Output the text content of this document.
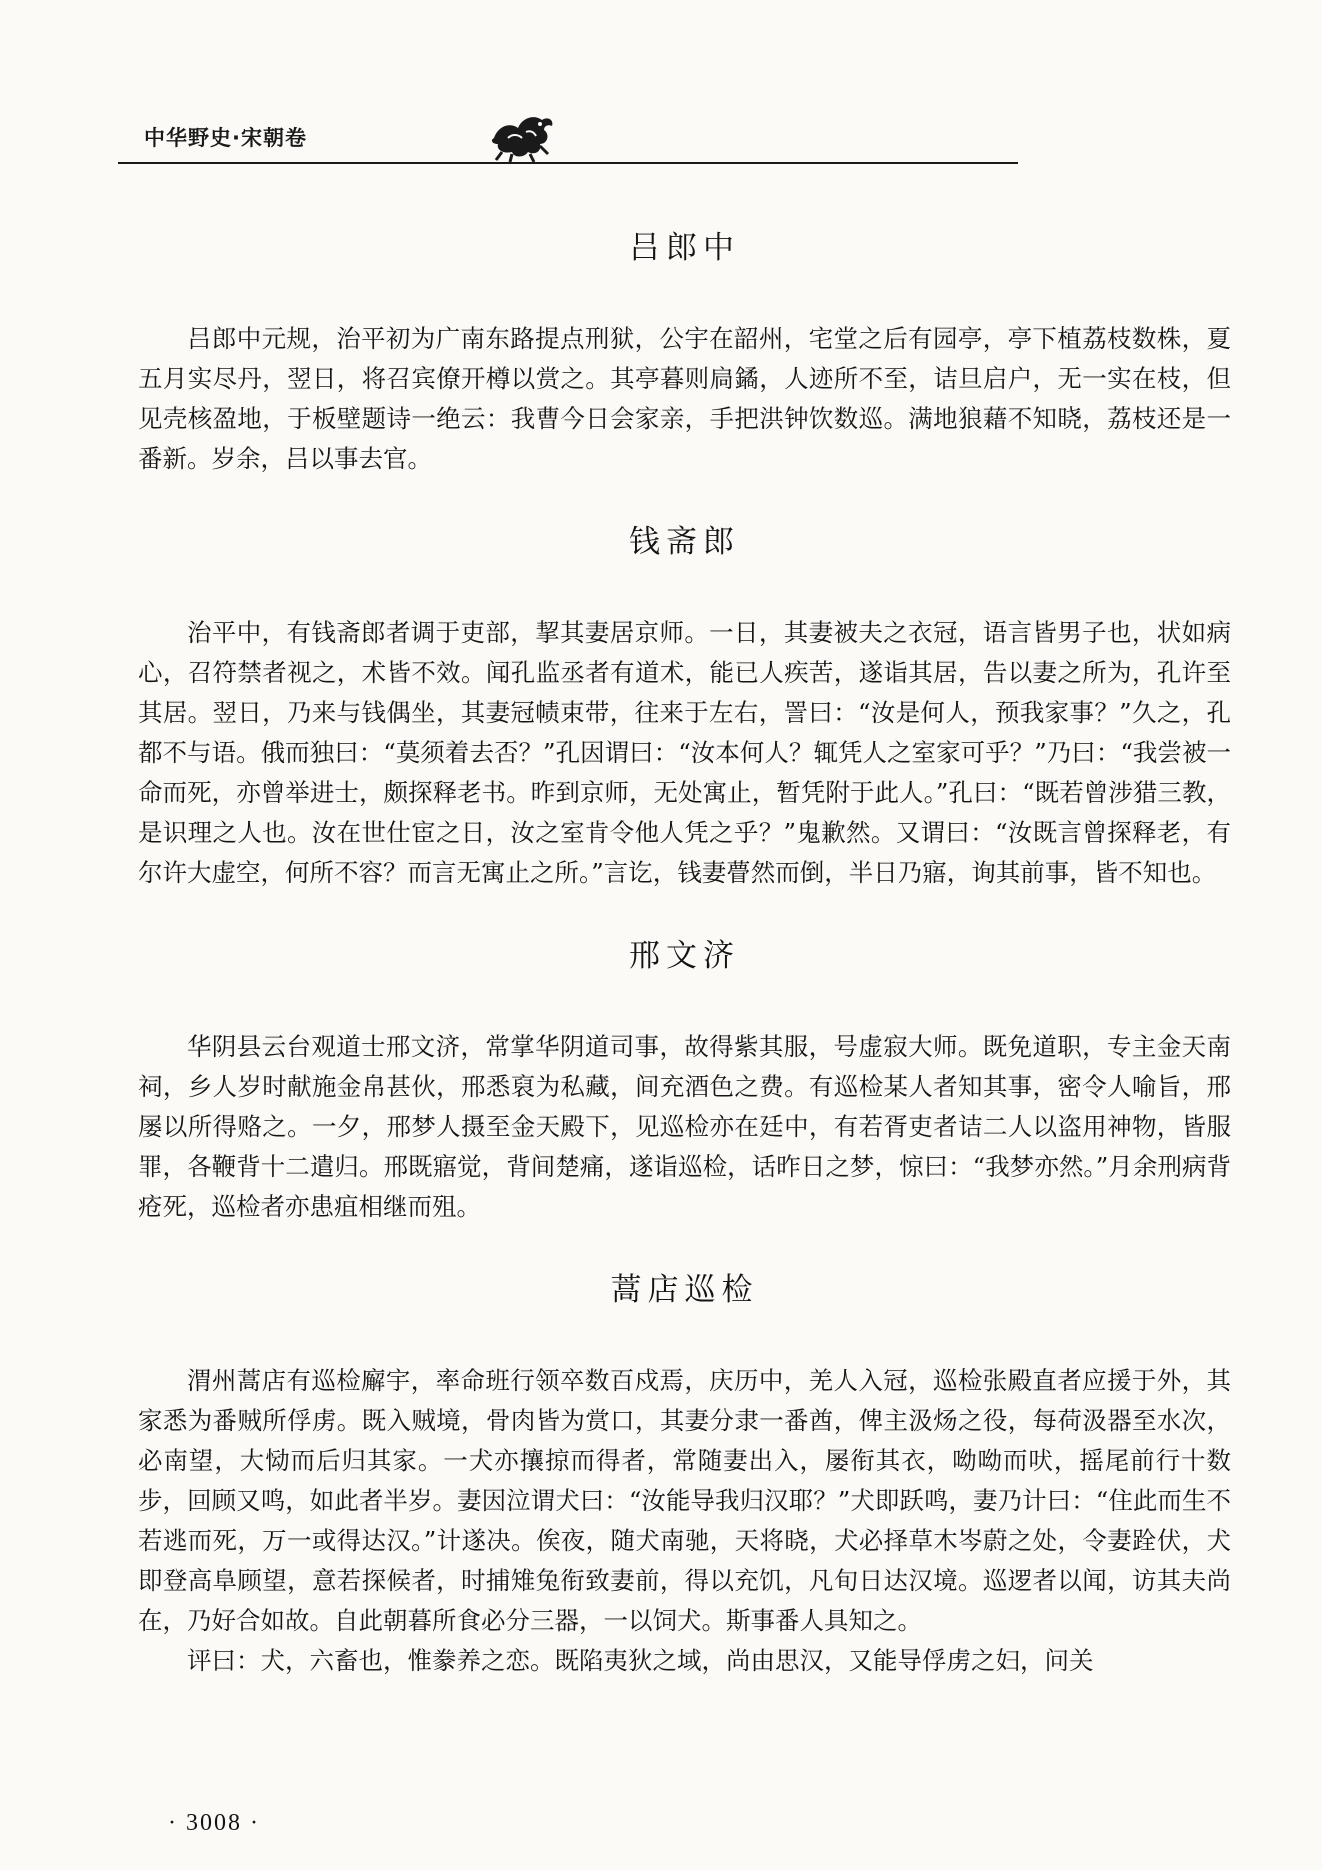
中华野史·宋朝卷
吕郎中

吕郎中元规，治平初为广南东路提点刑狱，公宇在韶州，宅堂之后有园亭，亭下植荔枝数株，夏五月实尽丹，翌日，将召宾僚开樽以赏之。其亭暮则扃鐍，人迹所不至，诘旦启户，无一实在枝，但见壳核盈地，于板壁题诗一绝云：我曹今日会家亲，手把洪钟饮数巡。满地狼藉不知晓，荔枝还是一番新。岁余，吕以事去官。

钱斋郎

治平中，有钱斋郎者调于吏部，挈其妻居京师。一日，其妻被夫之衣冠，语言皆男子也，状如病心，召符禁者视之，术皆不效。闻孔监丞者有道术，能已人疾苦，遂诣其居，告以妻之所为，孔许至其居。翌日，乃来与钱偶坐，其妻冠帻束带，往来于左右，詈曰：“汝是何人，预我家事？”久之，孔都不与语。俄而独曰：“莫须着去否？”孔因谓曰：“汝本何人？辄凭人之室家可乎？”乃曰：“我尝被一命而死，亦曾举进士，颇探释老书。昨到京师，无处寓止，暂凭附于此人。”孔曰：“既若曾涉猎三教，是识理之人也。汝在世仕宦之日，汝之室肯令他人凭之乎？”鬼歉然。又谓曰：“汝既言曾探释老，有尔许大虚空，何所不容？而言无寓止之所。”言讫，钱妻瞢然而倒，半日乃寤，询其前事，皆不知也。

邢文济

华阴县云台观道士邢文济，常掌华阴道司事，故得紫其服，号虚寂大师。既免道职，专主金天南祠，乡人岁时献施金帛甚伙，邢悉裒为私藏，间充酒色之费。有巡检某人者知其事，密令人喻旨，邢屡以所得赂之。一夕，邢梦人摄至金天殿下，见巡检亦在廷中，有若胥吏者诘二人以盗用神物，皆服罪，各鞭背十二遣归。邢既寤觉，背间楚痛，遂诣巡检，话昨日之梦，惊曰：“我梦亦然。”月余刑病背疮死，巡检者亦患疽相继而殂。

蒿店巡检

渭州蒿店有巡检廨宇，率命班行领卒数百戍焉，庆历中，羌人入冠，巡检张殿直者应援于外，其家悉为番贼所俘虏。既入贼境，骨肉皆为赏口，其妻分隶一番酋，俾主汲炀之役，每荷汲器至水次，必南望，大恸而后归其家。一犬亦攘掠而得者，常随妻出入，屡衔其衣，呦呦而吠，摇尾前行十数步，回顾又鸣，如此者半岁。妻因泣谓犬曰：“汝能导我归汉耶？”犬即跃鸣，妻乃计曰：“住此而生不若逃而死，万一或得达汉。”计遂决。俟夜，随犬南驰，天将晓，犬必择草木岑蔚之处，令妻跧伏，犬即登高阜顾望，意若探候者，时捕雉兔衔致妻前，得以充饥，凡旬日达汉境。巡逻者以闻，访其夫尚在，乃好合如故。自此朝暮所食必分三器，一以饲犬。斯事番人具知之。

评曰：犬，六畜也，惟豢养之恋。既陷夷狄之域，尚由思汉，又能导俘虏之妇，问关

· 3008 ·
